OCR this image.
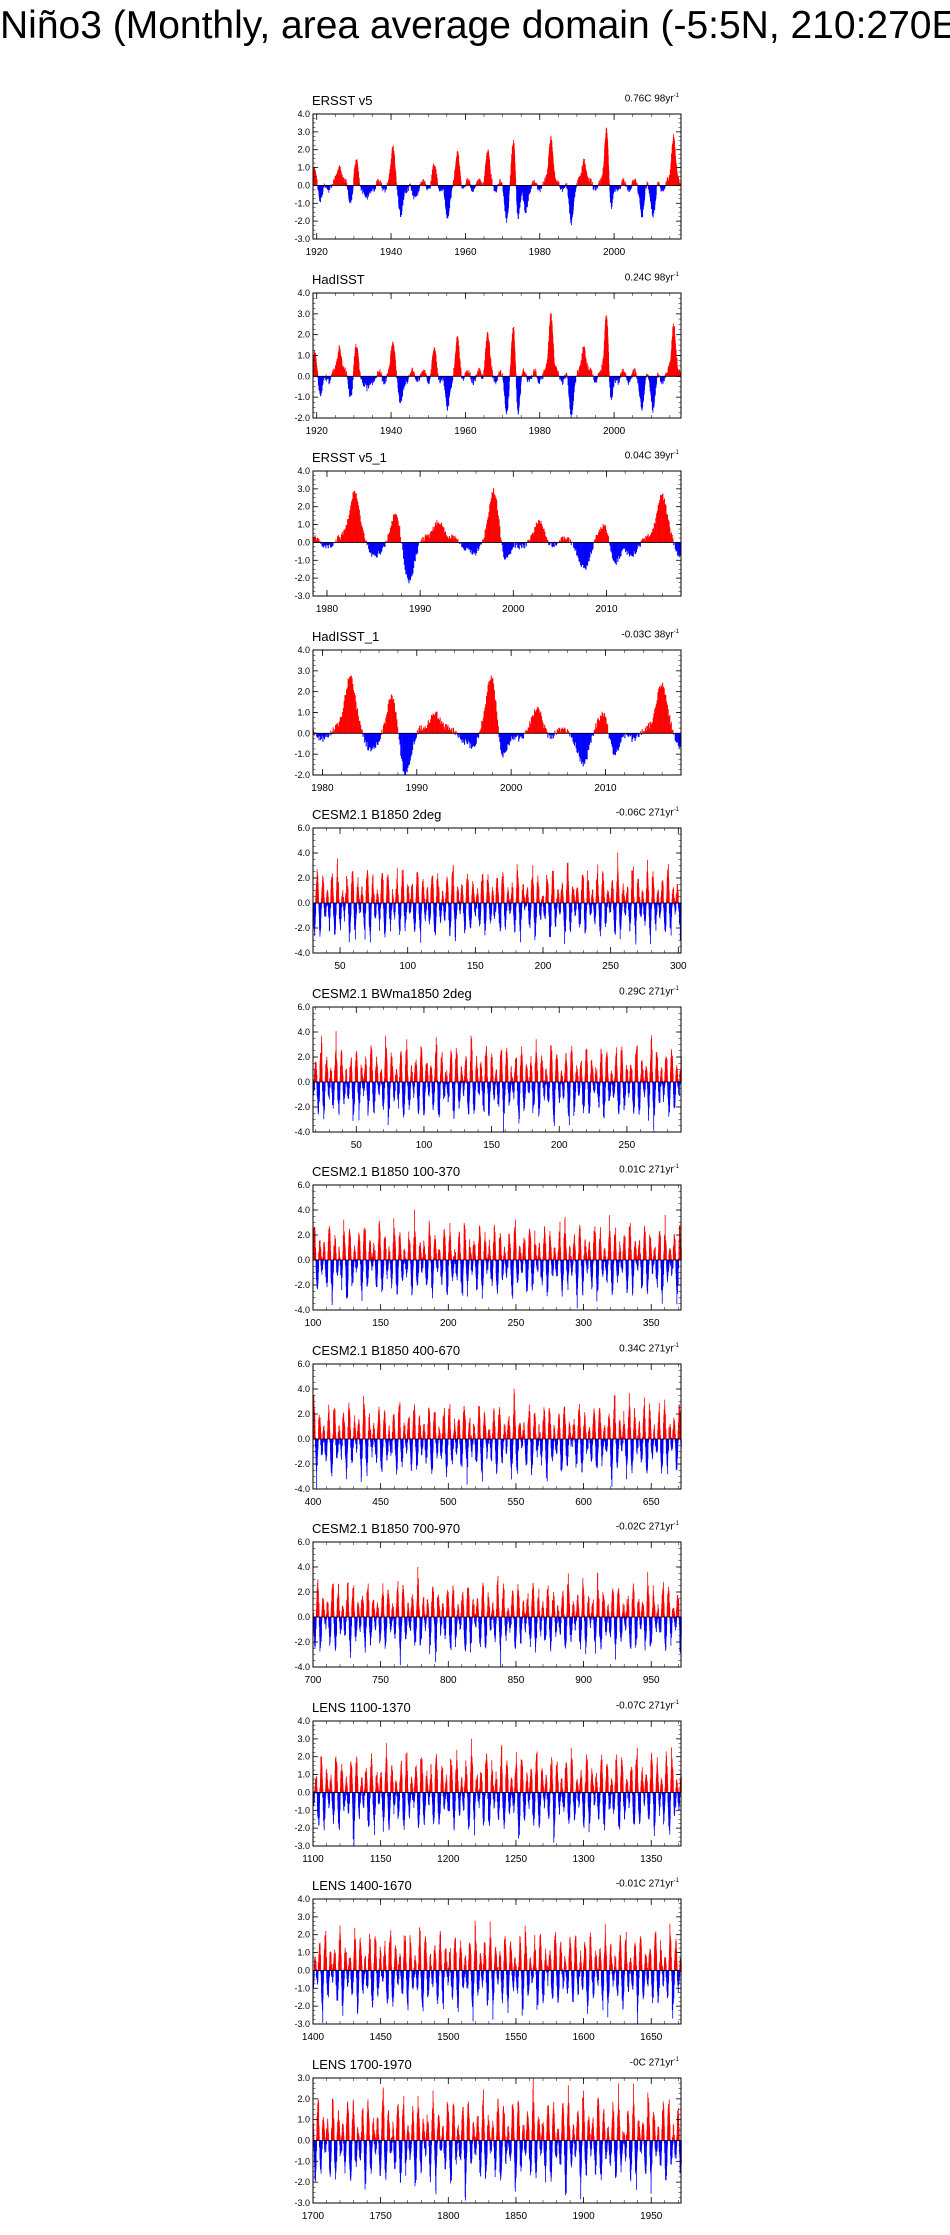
Niño3 (Monthly, area average domain (-5:5N, 210:270E))
ERSST v5	0.76C $98yr^{-1}$
-3.0
-2.0
-1.0
0.0
1.0
2.0
3.0
4.0
1920	1940	1960	1980	2000
HadISST	0.24C $98yr^{-1}$
-2.0
-1.0
0.0
1.0
2.0
3.0
4.0
1920	1940	1960	1980	2000
ERSST v5_1	0.04C $39yr^{-1}$
-3.0
-2.0
-1.0
0.0
1.0
2.0
3.0
4.0
1980	1990	2000	2010
HadISST_1	-0.03C $38yr^{-1}$
-2.0
-1.0
0.0
1.0
2.0
3.0
4.0
1980	1990	2000	2010
CESM2.1 B1850 2deg	-0.06C $271yr^{-1}$
-4.0
-2.0
0.0
2.0
4.0
6.0
50	100	150	200	250	300
CESM2.1 BWma1850 2deg	0.29C $271yr^{-1}$
-4.0
-2.0
0.0
2.0
4.0
6.0
50	100	150	200	250
CESM2.1 B1850 100-370	0.01C $271yr^{-1}$
-4.0
-2.0
0.0
2.0
4.0
6.0
100	150	200	250	300	350
CESM2.1 B1850 400-670	0.34C $271yr^{-1}$
-4.0
-2.0
0.0
2.0
4.0
6.0
400	450	500	550	600	650
CESM2.1 B1850 700-970	-0.02C $271yr^{-1}$
-4.0
-2.0
0.0
2.0
4.0
6.0
700	750	800	850	900	950
LENS 1100-1370	-0.07C $271yr^{-1}$
-3.0
-2.0
-1.0
0.0
1.0
2.0
3.0
4.0
1100	1150	1200	1250	1300	1350
LENS 1400-1670	-0.01C $271yr^{-1}$
-3.0
-2.0
-1.0
0.0
1.0
2.0
3.0
4.0
1400	1450	1500	1550	1600	1650
LENS 1700-1970	-0C $271yr^{-1}$
-3.0
-2.0
-1.0
0.0
1.0
2.0
3.0
1700	1750	1800	1850	1900	1950
